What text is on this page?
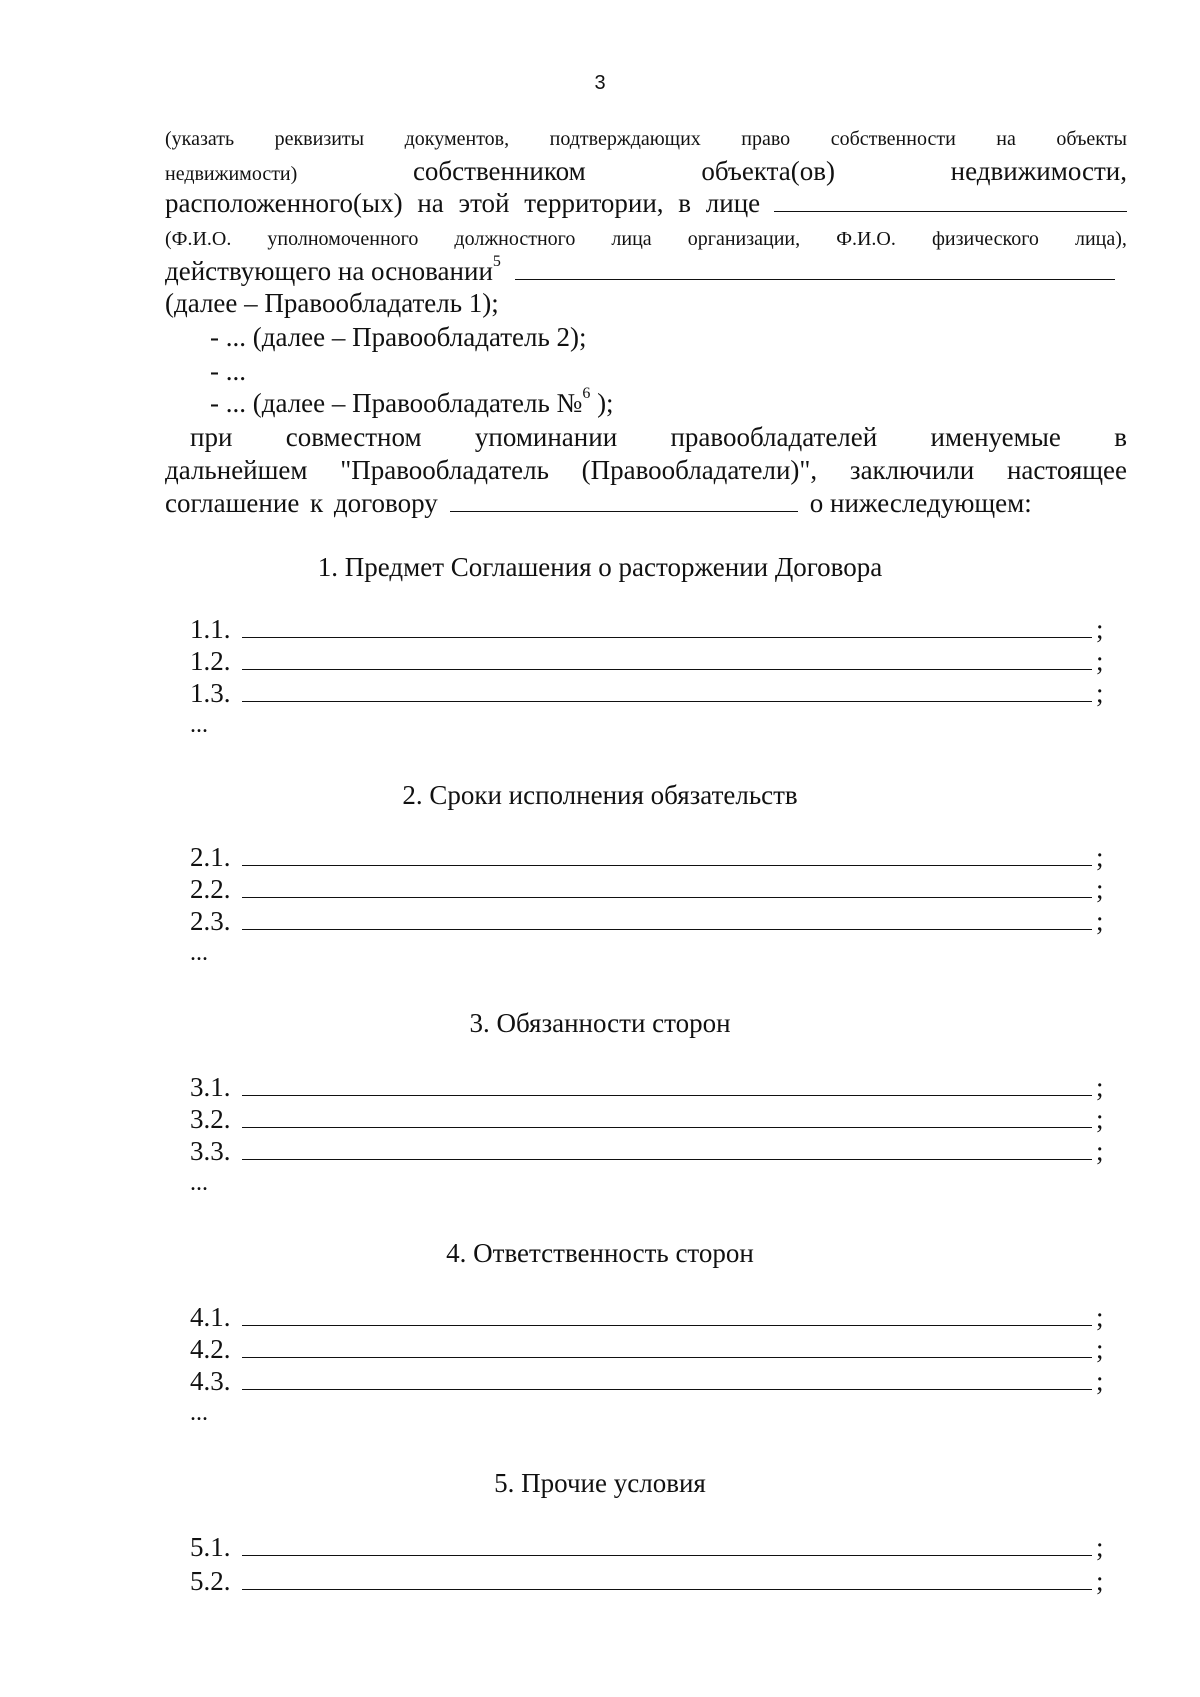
3
(указать реквизиты документов, подтверждающих право собственности на объекты
недвижимости)	собственником	объекта(ов)	недвижимости,
расположенного(ых) на этой территории, в лице
(Ф.И.О. уполномоченного должностного лица организации, Ф.И.О. физического лица),
действующего на основании$^5$
(далее – Правообладатель 1);
- ... (далее – Правообладатель 2);
- ...
- ... (далее – Правообладатель №$^6$ );
при совместном упоминании правообладателей именуемые в
дальнейшем "Правообладатель (Правообладатели)", заключили настоящее
соглашение к договору	о нижеследующем:
1. Предмет Соглашения о расторжении Договора
1.1.	;
1.2.	;
1.3.	;
...
2. Сроки исполнения обязательств
2.1.	;
2.2.	;
2.3.	;
...
3. Обязанности сторон
3.1.	;
3.2.	;
3.3.	;
...
4. Ответственность сторон
4.1.	;
4.2.	;
4.3.	;
...
5. Прочие условия
5.1.	;
5.2.	;
